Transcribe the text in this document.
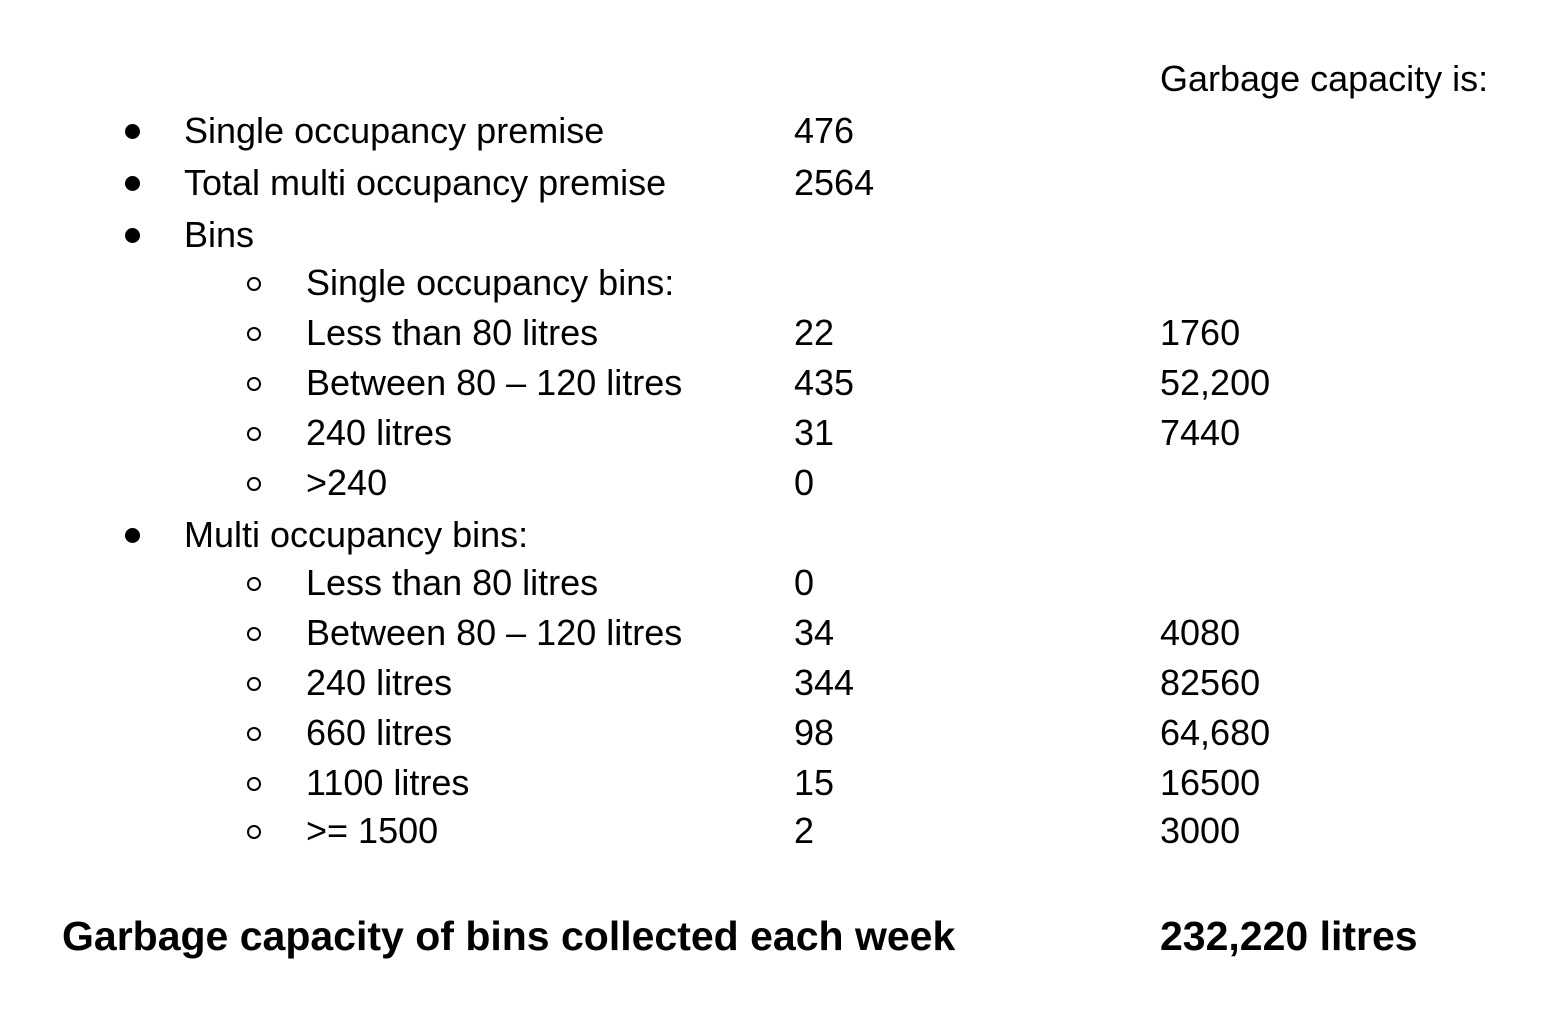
Garbage capacity is:
Single occupancy premise	476
Total multi occupancy premise	2564
Bins
Single occupancy bins:
Less than 80 litres	22	1760
Between 80 – 120 litres	435	52,200
240 litres	31	7440
>240	0
Multi occupancy bins:
Less than 80 litres	0
Between 80 – 120 litres	34	4080
240 litres	344	82560
660 litres	98	64,680
1100 litres	15	16500
>= 1500	2	3000
Garbage capacity of bins collected each week	232,220 litres
